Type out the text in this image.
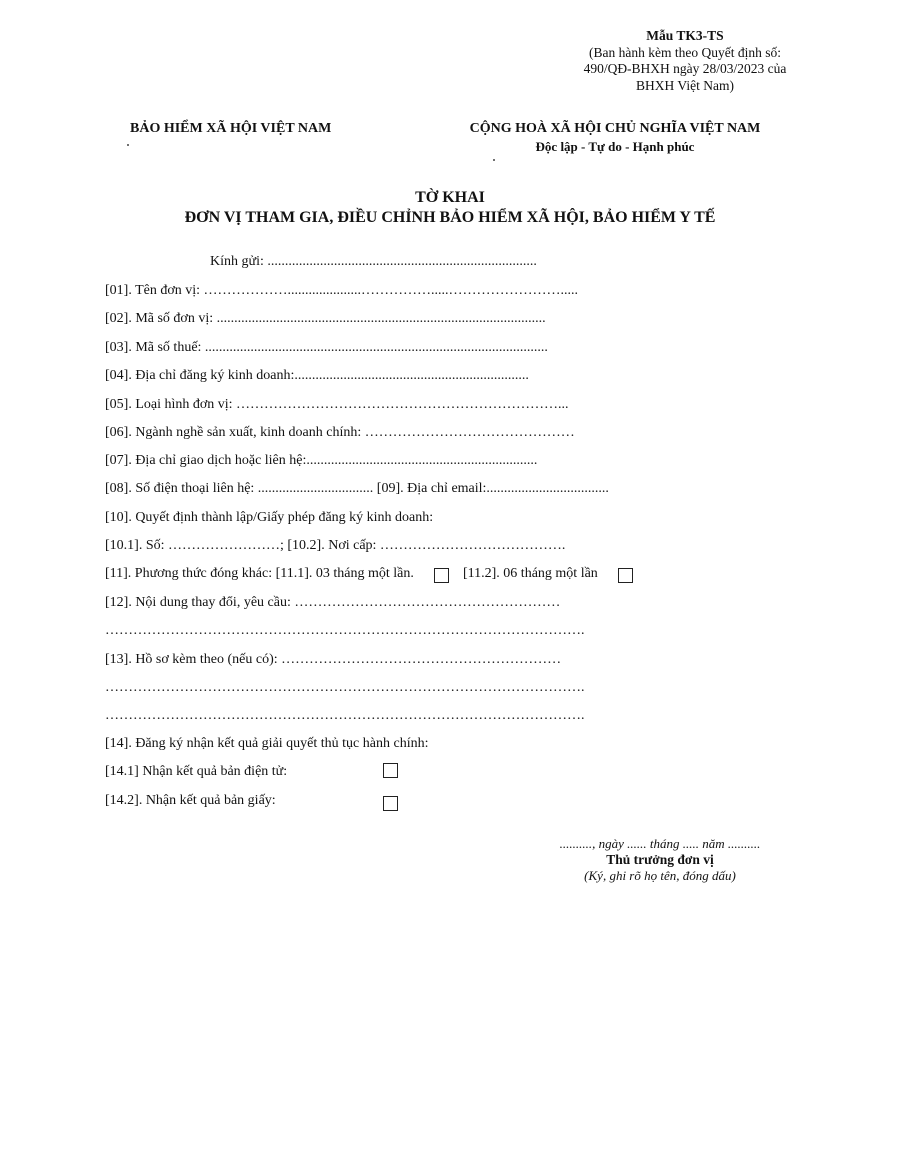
Mẫu TK3-TS
(Ban hành kèm theo Quyết định số:
490/QĐ-BHXH ngày 28/03/2023 của
BHXH Việt Nam)
BẢO HIỂM XÃ HỘI VIỆT NAM	CỘNG HOÀ XÃ HỘI CHỦ NGHĨA VIỆT NAM
Độc lập - Tự do - Hạnh phúc
TỜ KHAI
ĐƠN VỊ THAM GIA, ĐIỀU CHỈNH BẢO HIỂM XÃ HỘI, BẢO HIỂM Y TẾ
Kính gửi: .............................................................................
[01]. Tên đơn vị: ……………….....................…………….....…………………….....
[02]. Mã số đơn vị: ..............................................................................................
[03]. Mã số thuế: ..................................................................................................
[04]. Địa chỉ đăng ký kinh doanh:...................................................................
[05]. Loại hình đơn vị: ……………………………………………………………...
[06]. Ngành nghề sản xuất, kinh doanh chính: ………………………………………
[07]. Địa chỉ giao dịch hoặc liên hệ:..................................................................
[08]. Số điện thoại liên hệ: ................................. [09]. Địa chỉ email:...................................
[10]. Quyết định thành lập/Giấy phép đăng ký kinh doanh:
[10.1]. Số: ……………………; [10.2]. Nơi cấp: ………………………………….
[11]. Phương thức đóng khác: [11.1]. 03 tháng một lần.	[11.2]. 06 tháng một lần
[12]. Nội dung thay đổi, yêu cầu: …………………………………………………
………………………………………………………………………………………….
[13]. Hồ sơ kèm theo (nếu có): ……………………………………………………
………………………………………………………………………………………….
………………………………………………………………………………………….
[14]. Đăng ký nhận kết quả giải quyết thủ tục hành chính:
[14.1] Nhận kết quả bản điện tử:
[14.2]. Nhận kết quả bản giấy:
.........., ngày ...... tháng ..... năm ..........
Thủ trưởng đơn vị
(Ký, ghi rõ họ tên, đóng dấu)
